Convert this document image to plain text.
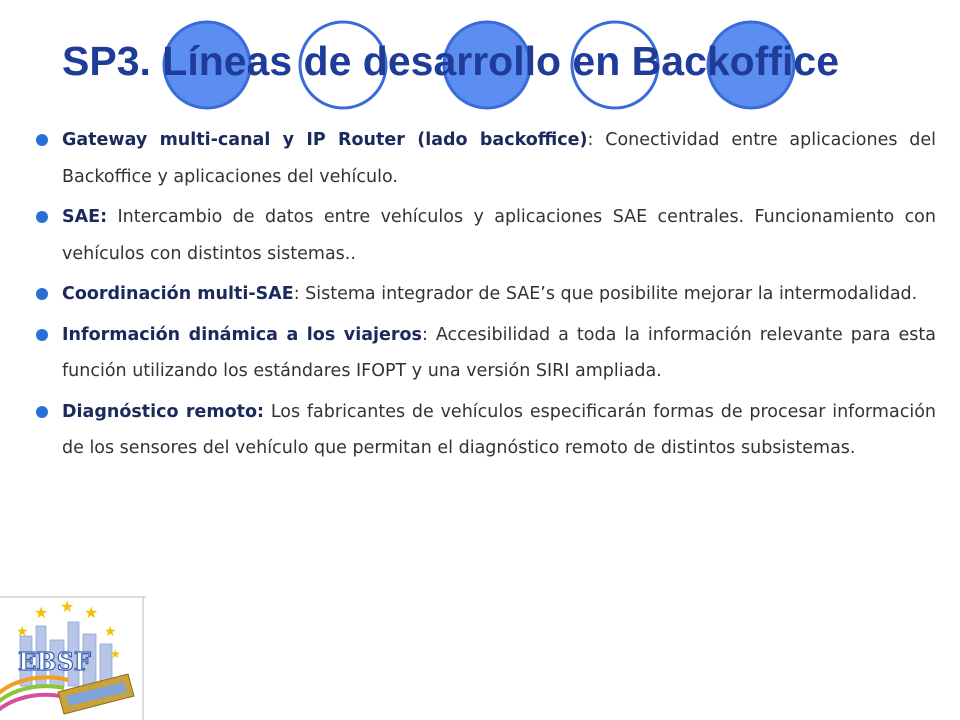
SP3. Líneas de desarrollo en Backoffice
Gateway multi-canal y IP Router (lado backoffice): Conectividad entre aplicaciones del Backoffice y aplicaciones del vehículo.
SAE: Intercambio de datos entre vehículos y aplicaciones SAE centrales. Funcionamiento con vehículos con distintos sistemas..
Coordinación multi-SAE: Sistema integrador de SAE’s que posibilite mejorar la intermodalidad.
Información dinámica a los viajeros: Accesibilidad a toda la información relevante para esta función utilizando los estándares IFOPT y una versión SIRI ampliada.
Diagnóstico remoto: Los fabricantes de vehículos especificarán formas de procesar información de los sensores del vehículo que permitan el diagnóstico remoto de distintos subsistemas.
★ ★ ★
★
★
★
EBSF
